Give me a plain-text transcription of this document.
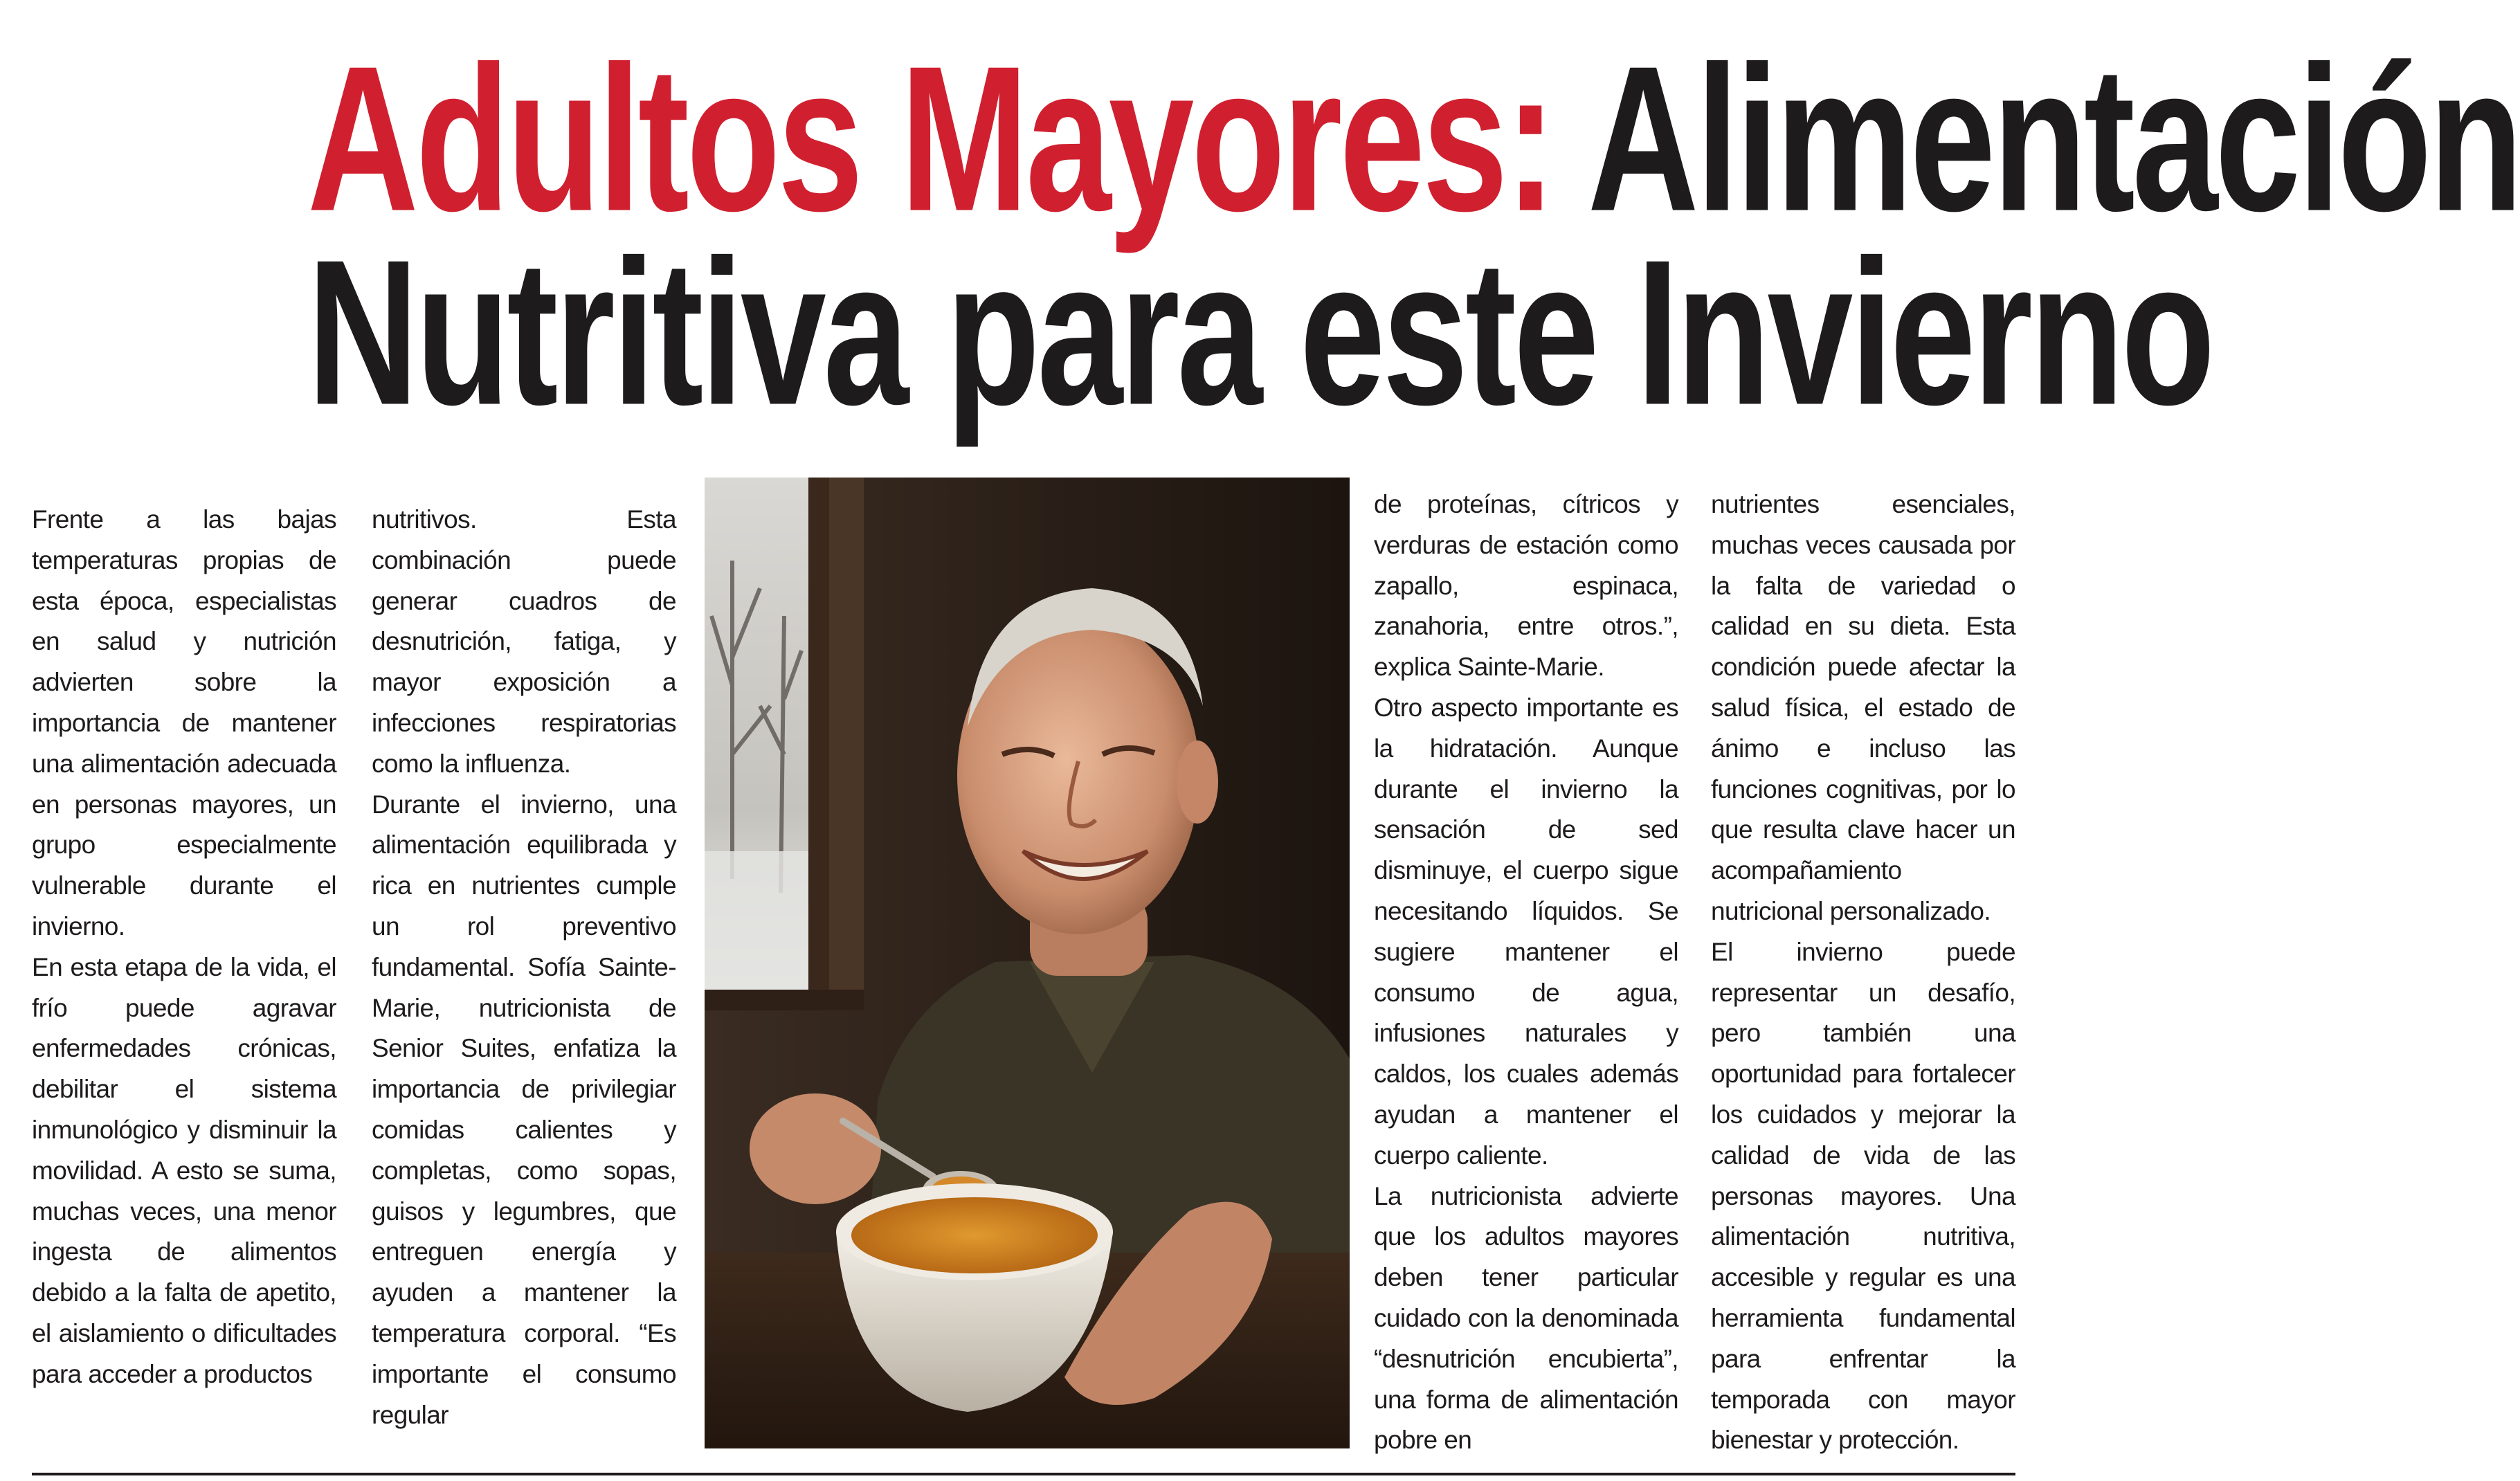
Adultos Mayores: Alimentación
Nutritiva para este Invierno

Frente a las bajas temperaturas propias de esta época, especialistas en salud y nutrición advierten sobre la importancia de mantener una alimentación adecuada en personas mayores, un grupo especialmente vulnerable durante el invierno.

En esta etapa de la vida, el frío puede agravar enfermedades crónicas, debilitar el sistema inmunológico y disminuir la movilidad. A esto se suma, muchas veces, una menor ingesta de alimentos debido a la falta de apetito, el aislamiento o dificultades para acceder a productos

nutritivos. Esta combinación puede generar cuadros de desnutrición, fatiga, y mayor exposición a infecciones respiratorias como la influenza.

Durante el invierno, una alimentación equilibrada y rica en nutrientes cumple un rol preventivo fundamental. Sofía Sainte-Marie, nutricionista de Senior Suites, enfatiza la importancia de privilegiar comidas calientes y completas, como sopas, guisos y legumbres, que entreguen energía y ayuden a mantener la temperatura corporal. “Es importante el consumo regular

de proteínas, cítricos y verduras de estación como zapallo, espinaca, zanahoria, entre otros.”, explica Sainte-Marie.

Otro aspecto importante es la hidratación. Aunque durante el invierno la sensación de sed disminuye, el cuerpo sigue necesitando líquidos. Se sugiere mantener el consumo de agua, infusiones naturales y caldos, los cuales además ayudan a mantener el cuerpo caliente.

La nutricionista advierte que los adultos mayores deben tener particular cuidado con la denominada “desnutrición encubierta”, una forma de alimentación pobre en

nutrientes esenciales, muchas veces causada por la falta de variedad o calidad en su dieta. Esta condición puede afectar la salud física, el estado de ánimo e incluso las funciones cognitivas, por lo que resulta clave hacer un acompañamiento nutricional personalizado.

El invierno puede representar un desafío, pero también una oportunidad para fortalecer los cuidados y mejorar la calidad de vida de las personas mayores. Una alimentación nutritiva, accesible y regular es una herramienta fundamental para enfrentar la temporada con mayor bienestar y protección.
